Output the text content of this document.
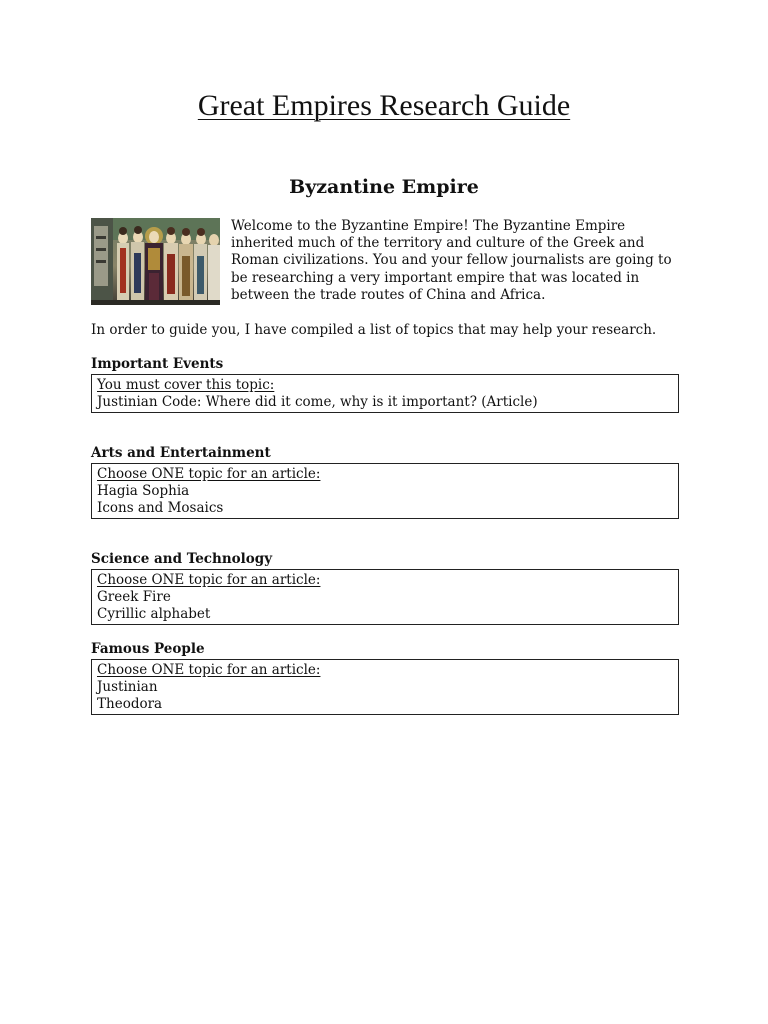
Great Empires Research Guide
Byzantine Empire

Welcome to the Byzantine Empire! The Byzantine Empire inherited much of the territory and culture of the Greek and Roman civilizations. You and your fellow journalists are going to be researching a very important empire that was located in between the trade routes of China and Africa.

In order to guide you, I have compiled a list of topics that may help your research.

Important Events
You must cover this topic:
Justinian Code: Where did it come, why is it important? (Article)
Arts and Entertainment
Choose ONE topic for an article:
Hagia Sophia
Icons and Mosaics
Science and Technology
Choose ONE topic for an article:
Greek Fire
Cyrillic alphabet
Famous People
Choose ONE topic for an article:
Justinian
Theodora
